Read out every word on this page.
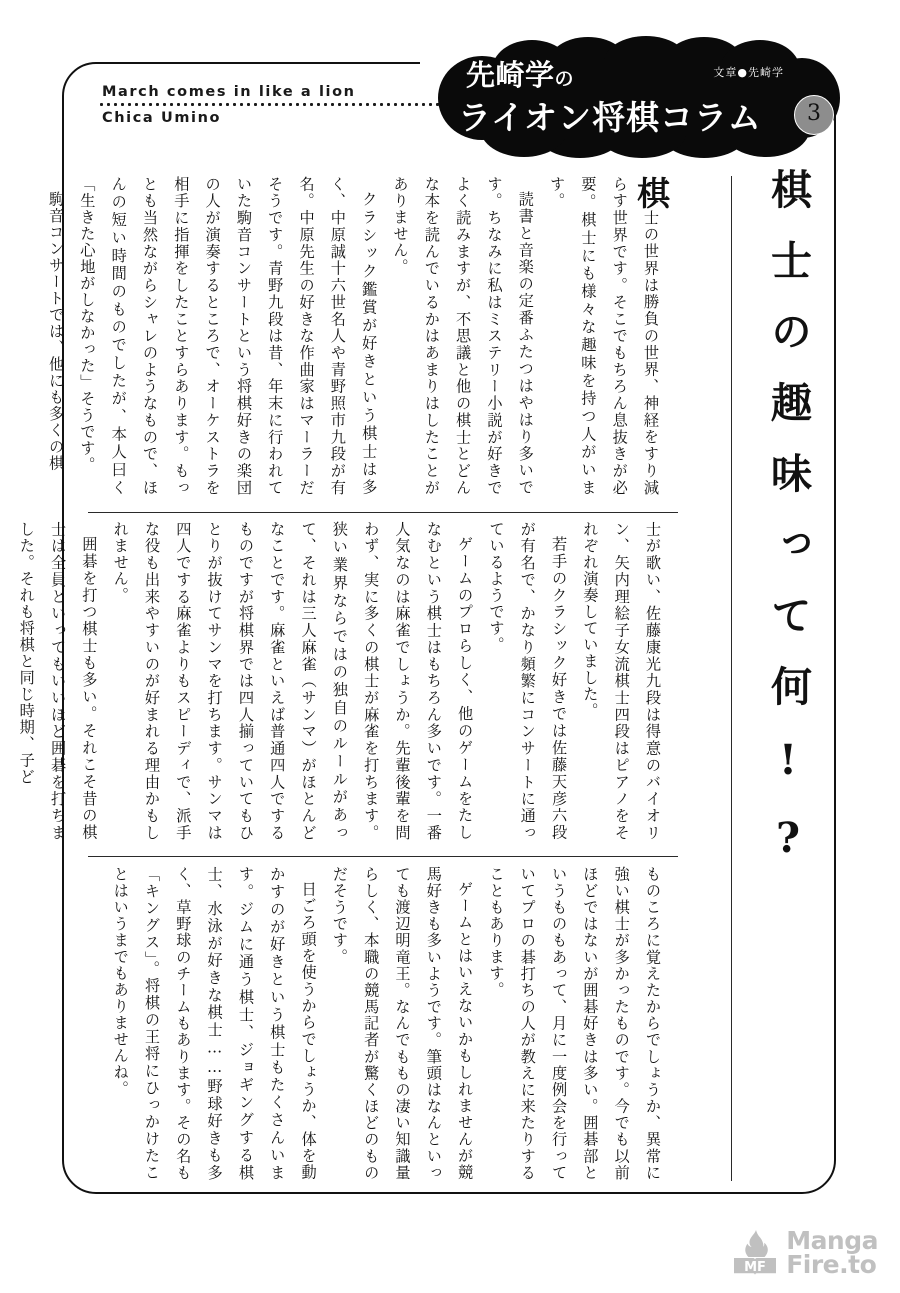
March comes in like a lion
Chica Umino
先崎学の
ライオン将棋コラム
文章●先崎学
3
棋士の趣味って何!?

棋士の世界は勝負の世界、神経をすり減らす世界です。そこでもちろん息抜きが必要。棋士にも様々な趣味を持つ人がいます。

読書と音楽の定番ふたつはやはり多いです。ちなみに私はミステリー小説が好きでよく読みますが、不思議と他の棋士とどんな本を読んでいるかはあまりはしたことがありません。

クラシック鑑賞が好きという棋士は多く、中原誠十六世名人や青野照市九段が有名。中原先生の好きな作曲家はマーラーだそうです。青野九段は昔、年末に行われていた駒音コンサートという将棋好きの楽団の人が演奏するところで、オーケストラを相手に指揮をしたことすらあります。もっとも当然ながらシャレのようなもので、ほんの短い時間のものでしたが、本人曰く「生きた心地がしなかった」そうです。

駒音コンサートでは、他にも多くの棋

士が歌い、佐藤康光九段は得意のバイオリン、矢内理絵子女流棋士四段はピアノをそれぞれ演奏していました。

若手のクラシック好きでは佐藤天彦六段が有名で、かなり頻繁にコンサートに通っているようです。

ゲームのプロらしく、他のゲームをたしなむという棋士はもちろん多いです。一番人気なのは麻雀でしょうか。先輩後輩を問わず、実に多くの棋士が麻雀を打ちます。狭い業界ならではの独自のルールがあって、それは三人麻雀（サンマ）がほとんどなことです。麻雀といえば普通四人でするものですが将棋界では四人揃っていてもひとりが抜けてサンマを打ちます。サンマは四人でする麻雀よりもスピーディで、派手な役も出来やすいのが好まれる理由かもしれません。

囲碁を打つ棋士も多い。それこそ昔の棋士は全員といってもいいほど囲碁を打ちました。それも将棋と同じ時期、子ど

ものころに覚えたからでしょうか、異常に強い棋士が多かったものです。今でも以前ほどではないが囲碁好きは多い。囲碁部というものもあって、月に一度例会を行っていてプロの碁打ちの人が教えに来たりすることもあります。

ゲームとはいえないかもしれませんが競馬好きも多いようです。筆頭はなんといっても渡辺明竜王。なんでももの凄い知識量らしく、本職の競馬記者が驚くほどのものだそうです。

日ごろ頭を使うからでしょうか、体を動かすのが好きという棋士もたくさんいます。ジムに通う棋士、ジョギングする棋士、水泳が好きな棋士……野球好きも多く、草野球のチームもあります。その名も「キングス」。将棋の王将にひっかけたことはいうまでもありませんね。

MF
Manga
Fire.to
